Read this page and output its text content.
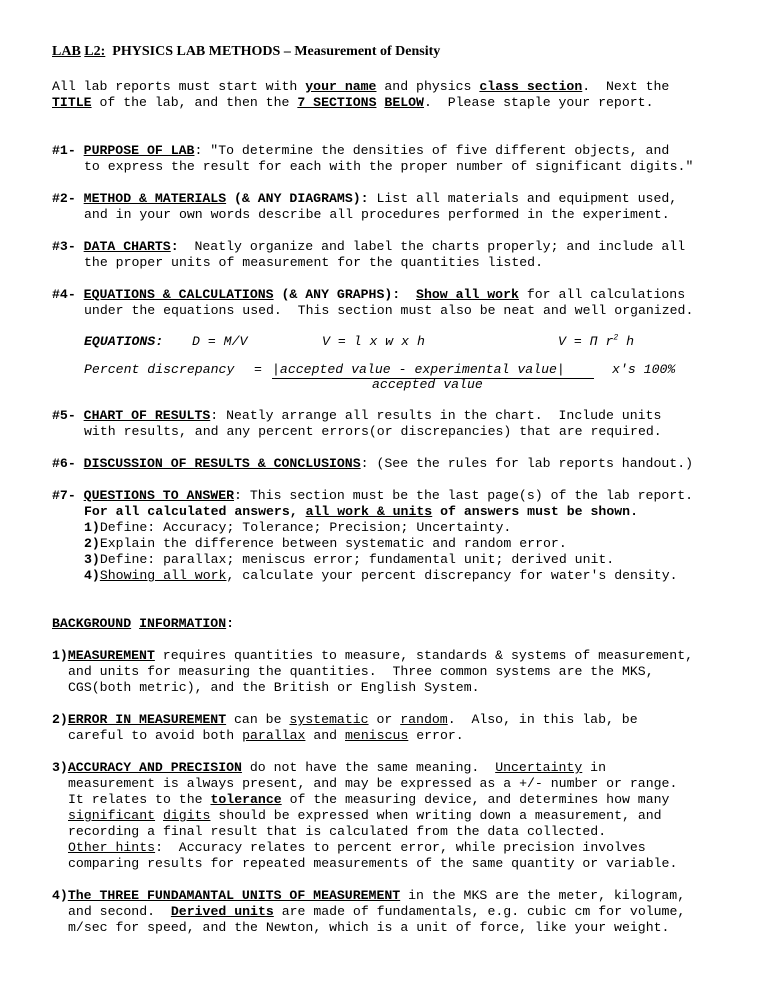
LAB L2:  PHYSICS LAB METHODS – Measurement of Density
All lab reports must start with your name and physics class section.  Next the
TITLE of the lab, and then the 7 SECTIONS BELOW.  Please staple your report.
#1- PURPOSE OF LAB: "To determine the densities of five different objects, and
to express the result for each with the proper number of significant digits."
#2- METHOD & MATERIALS (& ANY DIAGRAMS): List all materials and equipment used,
and in your own words describe all procedures performed in the experiment.
#3- DATA CHARTS:  Neatly organize and label the charts properly; and include all
the proper units of measurement for the quantities listed.
#4- EQUATIONS & CALCULATIONS (& ANY GRAPHS): Show all work for all calculations
under the equations used.  This section must also be neat and well organized.
EQUATIONS: D = M/V	V = l x w x h	V = Π $r^2$ h
Percent discrepancy = |accepted value - experimental value|
accepted value
x's 100%
#5- CHART OF RESULTS: Neatly arrange all results in the chart.  Include units
with results, and any percent errors(or discrepancies) that are required.
#6- DISCUSSION OF RESULTS & CONCLUSIONS: (See the rules for lab reports handout.)
#7- QUESTIONS TO ANSWER: This section must be the last page(s) of the lab report.
For all calculated answers, all work & units of answers must be shown.
1)Define: Accuracy; Tolerance; Precision; Uncertainty.
2)Explain the difference between systematic and random error.
3)Define: parallax; meniscus error; fundamental unit; derived unit.
4)Showing all work, calculate your percent discrepancy for water's density.
BACKGROUND INFORMATION:
1)MEASUREMENT requires quantities to measure, standards & systems of measurement,
and units for measuring the quantities.  Three common systems are the MKS,
CGS(both metric), and the British or English System.
2)ERROR IN MEASUREMENT can be systematic or random.  Also, in this lab, be
careful to avoid both parallax and meniscus error.
3)ACCURACY AND PRECISION do not have the same meaning.  Uncertainty in
measurement is always present, and may be expressed as a +/- number or range.
It relates to the tolerance of the measuring device, and determines how many
significant digits should be expressed when writing down a measurement, and
recording a final result that is calculated from the data collected.
Other hints:  Accuracy relates to percent error, while precision involves
comparing results for repeated measurements of the same quantity or variable.
4)The THREE FUNDAMANTAL UNITS OF MEASUREMENT in the MKS are the meter, kilogram,
and second.  Derived units are made of fundamentals, e.g. cubic cm for volume,
m/sec for speed, and the Newton, which is a unit of force, like your weight.
